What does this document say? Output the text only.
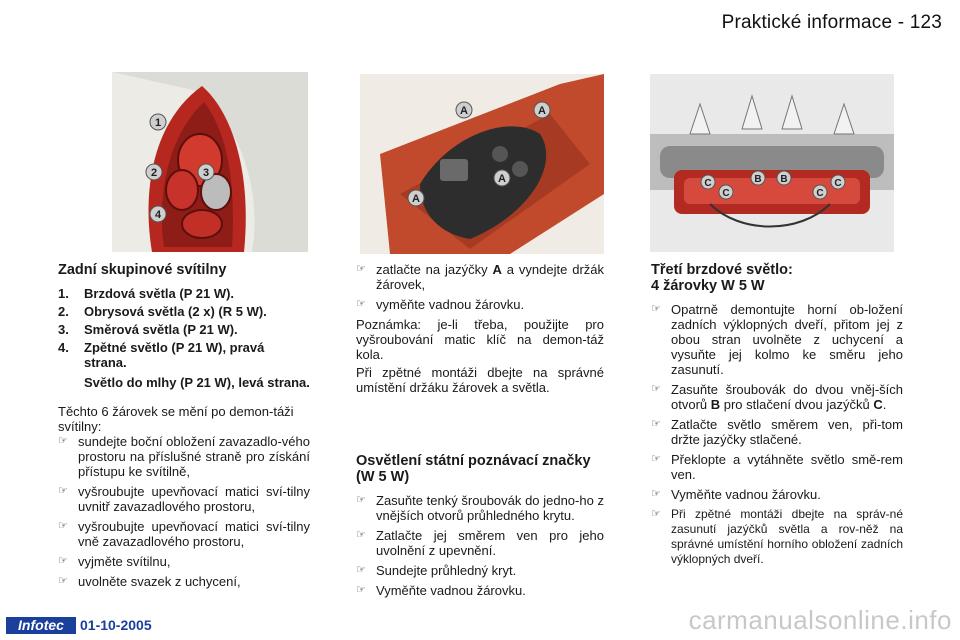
Praktické informace - 123
1
2	3
4
A	A
A
A	B B
C
C	C
C
Zadní skupinové svítilny
1.	Brzdová světla (P 21 W).
2.	Obrysová světla (2 x) (R 5 W).
3.	Směrová světla (P 21 W).
4.	Zpětné světlo (P 21 W), pravá strana.
Světlo do mlhy (P 21 W), levá strana.

Těchto 6 žárovek se mění po demon-táži svítilny:

☞ sundejte boční obložení zavazadlo-vého prostoru na příslušné straně pro získání přístupu ke svítilně,
☞ vyšroubujte upevňovací matici sví-tilny uvnitř zavazadlového prostoru,
☞ vyšroubujte upevňovací matici sví-tilny vně zavazadlového prostoru,
☞ vyjměte svítilnu,
☞ uvolněte svazek z uchycení,
☞ zatlačte na jazýčky A a vyndejte držák žárovek,
☞ vyměňte vadnou žárovku.

Poznámka: je-li třeba, použijte pro vyšroubování matic klíč na demon-táž kola.

Při zpětné montáži dbejte na správné umístění držáku žárovek a světla.

Osvětlení státní poznávací značky (W 5 W)
☞ Zasuňte tenký šroubovák do jedno-ho z vnějších otvorů průhledného krytu.
☞ Zatlačte jej směrem ven pro jeho uvolnění z upevnění.
☞ Sundejte průhledný kryt.
☞ Vyměňte vadnou žárovku.
Třetí brzdové světlo:
4 žárovky W 5 W
☞ Opatrně demontujte horní ob-ložení zadních výklopných dveří, přitom jej z obou stran uvolněte z uchycení a vysuňte jej kolmo ke směru jeho zasunutí.
☞ Zasuňte šroubovák do dvou vněj-ších otvorů B pro stlačení dvou jazýčků C.
☞ Zatlačte světlo směrem ven, při-tom držte jazýčky stlačené.
☞ Překlopte a vytáhněte světlo smě-rem ven.
☞ Vyměňte vadnou žárovku.
☞ Při zpětné montáži dbejte na správ-né zasunutí jazýčků světla a rov-něž na správné umístění horního obložení zadních výklopných dveří.
Infotec	01-10-2005	carmanualsonline.info
